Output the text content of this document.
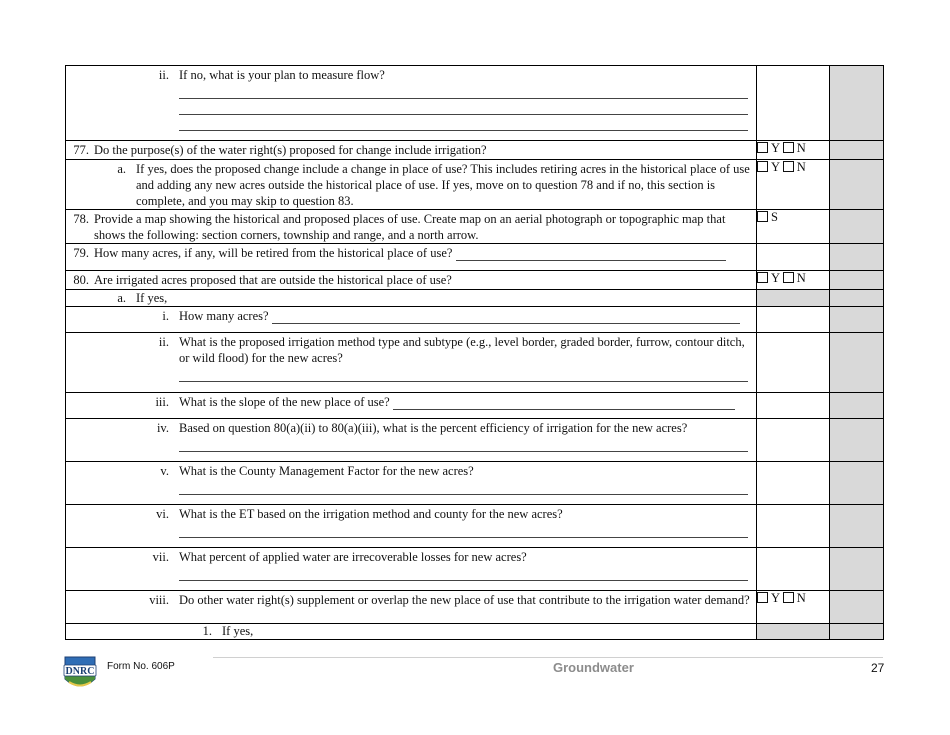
ii. If no, what is your plan to measure flow?		

77. Do the purpose(s) of the water right(s) proposed for change include irrigation?	Y N	

a. If yes, does the proposed change include a change in place of use? This includes retiring acres in the historical place of use and adding any new acres outside the historical place of use. If yes, move on to question 78 and if no, this section is complete, and you may skip to question 83.	Y N	

78. Provide a map showing the historical and proposed places of use. Create map on an aerial photograph or topographic map that shows the following: section corners, township and range, and a north arrow.	S	

79. How many acres, if any, will be retired from the historical place of use?		

80. Are irrigated acres proposed that are outside the historical place of use?	Y N	

a. If yes,		

i. How many acres?		

ii. What is the proposed irrigation method type and subtype (e.g., level border, graded border, furrow, contour ditch, or wild flood) for the new acres?		

iii. What is the slope of the new place of use?		

iv. Based on question 80(a)(ii) to 80(a)(iii), what is the percent efficiency of irrigation for the new acres?		

v. What is the County Management Factor for the new acres?		

vi. What is the ET based on the irrigation method and county for the new acres?		

vii. What percent of applied water are irrecoverable losses for new acres?		

viii. Do other water right(s) supplement or overlap the new place of use that contribute to the irrigation water demand?	Y N	

1. If yes,		

DNRC Form No. 606P	Groundwater	27
